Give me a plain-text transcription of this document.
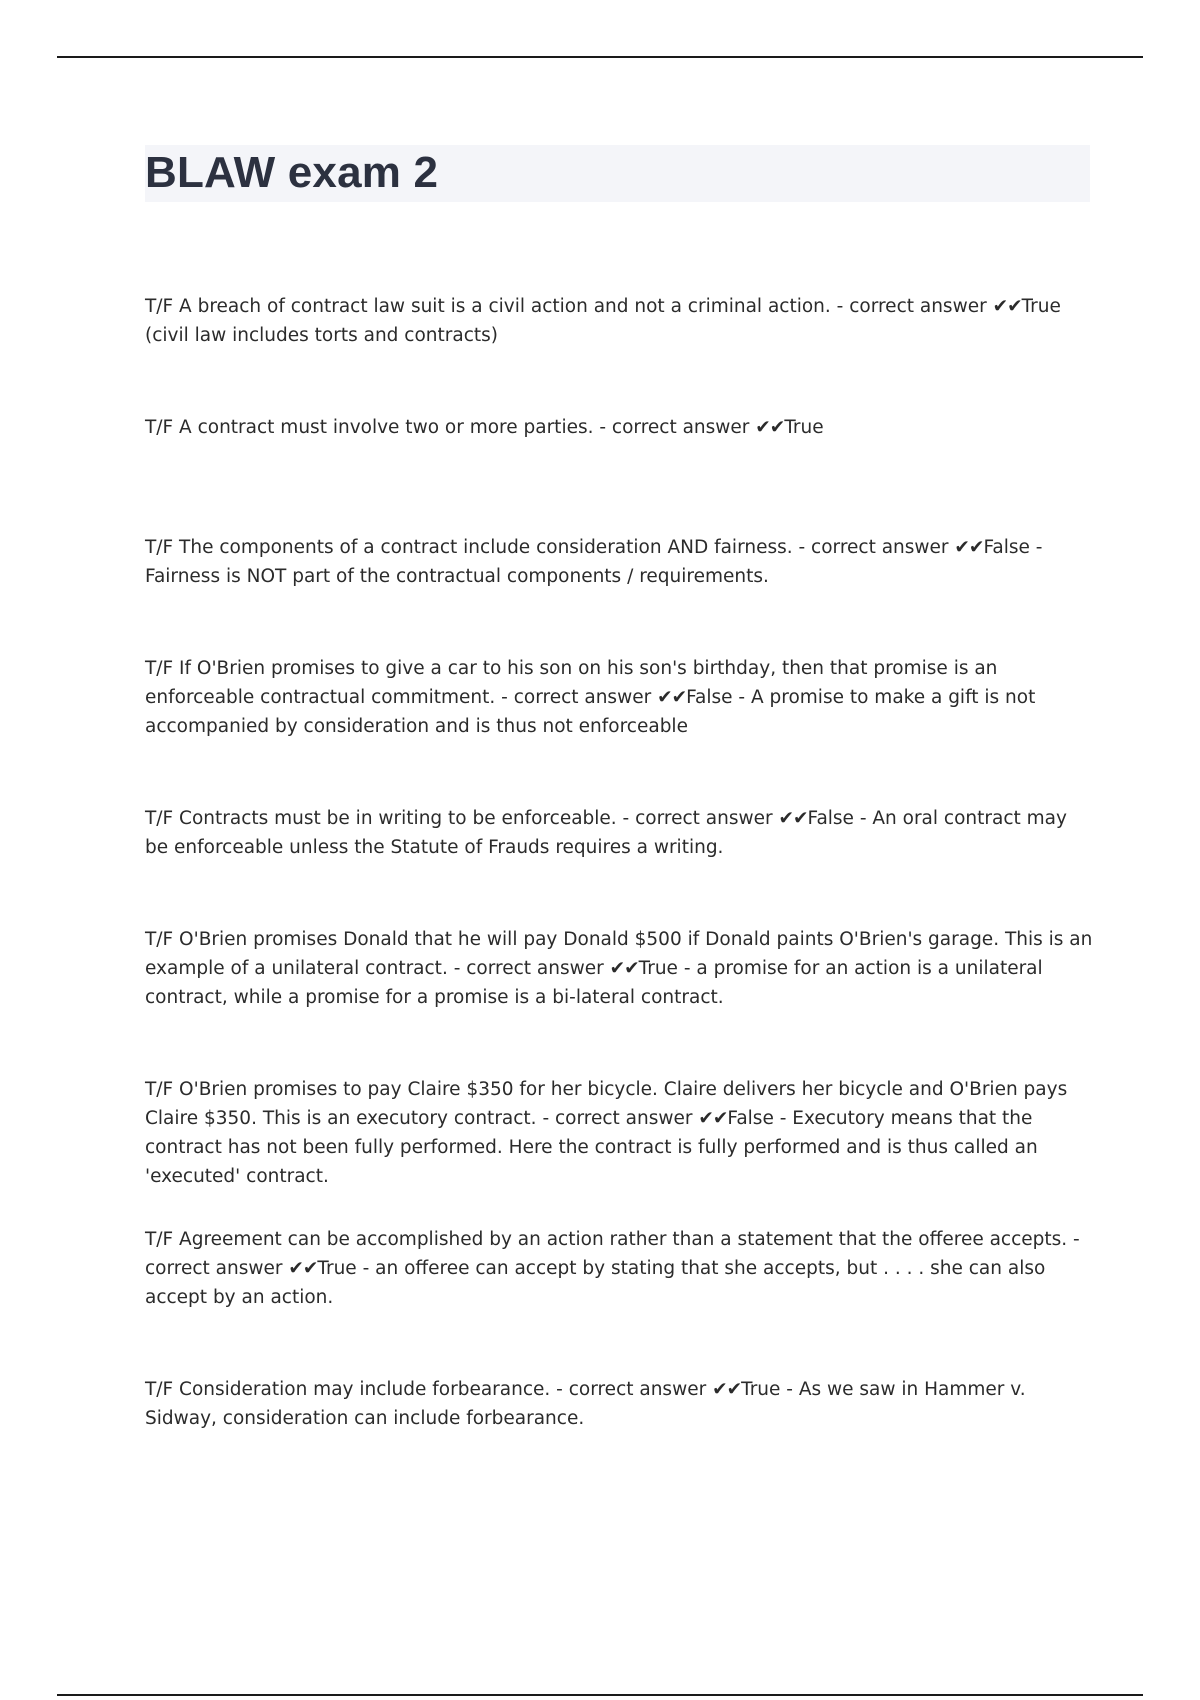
BLAW exam 2
T/F A breach of contract law suit is a civil action and not a criminal action. - correct answer ✔✔True (civil law includes torts and contracts)
T/F A contract must involve two or more parties. - correct answer ✔✔True
T/F The components of a contract include consideration AND fairness. - correct answer ✔✔False - Fairness is NOT part of the contractual components / requirements.
T/F If O'Brien promises to give a car to his son on his son's birthday, then that promise is an enforceable contractual commitment. - correct answer ✔✔False - A promise to make a gift is not accompanied by consideration and is thus not enforceable
T/F Contracts must be in writing to be enforceable. - correct answer ✔✔False - An oral contract may be enforceable unless the Statute of Frauds requires a writing.
T/F O'Brien promises Donald that he will pay Donald $500 if Donald paints O'Brien's garage. This is an example of a unilateral contract. - correct answer ✔✔True - a promise for an action is a unilateral contract, while a promise for a promise is a bi-lateral contract.
T/F O'Brien promises to pay Claire $350 for her bicycle. Claire delivers her bicycle and O'Brien pays Claire $350. This is an executory contract. - correct answer ✔✔False - Executory means that the contract has not been fully performed. Here the contract is fully performed and is thus called an 'executed' contract.
T/F Agreement can be accomplished by an action rather than a statement that the offeree accepts. - correct answer ✔✔True - an offeree can accept by stating that she accepts, but . . . . she can also accept by an action.
T/F Consideration may include forbearance. - correct answer ✔✔True - As we saw in Hammer v. Sidway, consideration can include forbearance.
